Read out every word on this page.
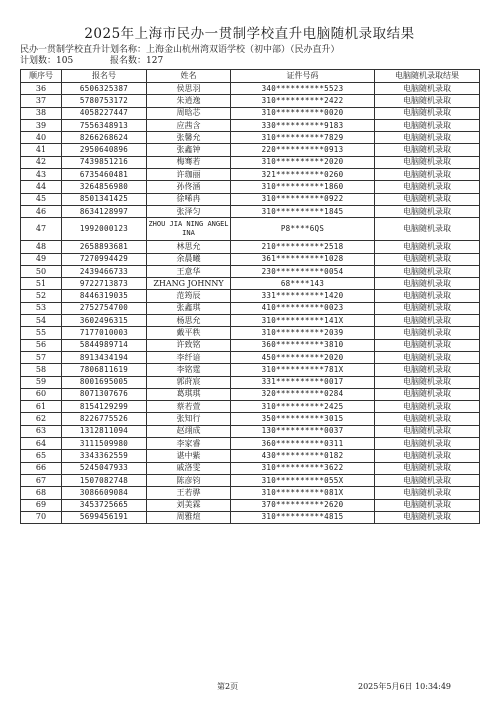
2025年上海市民办一贯制学校直升电脑随机录取结果
民办一贯制学校直升计划名称：上海金山杭州湾双语学校（初中部）（民办直升）
计划数：105	报名数：127
顺序号	报名号	姓名	证件号码	电脑随机录取结果
36	6506325387	侯思羽	340**********5523	电脑随机录取
37	5780753172	朱逍逸	310**********2422	电脑随机录取
38	4058227447	周晗芯	310**********0020	电脑随机录取
39	7556348913	应茜含	330**********9183	电脑随机录取
40	8266268624	张馨允	310**********7829	电脑随机录取
41	2950640896	张鑫钟	220**********0913	电脑随机录取
42	7439851216	梅骞若	310**********2020	电脑随机录取
43	6735460481	许珈丽	321**********0260	电脑随机录取
44	3264856980	孙佟涵	310**********1860	电脑随机录取
45	8501341425	徐唏冉	310**********0922	电脑随机录取
46	8634128997	张泽匀	310**********1845	电脑随机录取
47	1992000123	ZHOU JIA NING ANGELINA	P8****6QS	电脑随机录取
48	2658893681	林思允	210**********2518	电脑随机录取
49	7270994429	余晨曦	361**********1028	电脑随机录取
50	2439466733	王意华	230**********0054	电脑随机录取
51	9722713873	ZHANG JOHNNY	68****143	电脑随机录取
52	8446319035	范筠辰	331**********1420	电脑随机录取
53	2752754700	张鑫琪	410**********0023	电脑随机录取
54	3602496315	杨思允	310**********141X	电脑随机录取
55	7177010003	戴平秩	310**********2039	电脑随机录取
56	5844989714	许致铭	360**********3810	电脑随机录取
57	8913434194	李纤谙	450**********2020	电脑随机录取
58	7806811619	李铭霆	310**********781X	电脑随机录取
59	8001695005	郭莳宸	331**********0017	电脑随机录取
60	8071307676	葛琪琪	320**********0284	电脑随机录取
61	8154129299	蔡若萱	310**********2425	电脑随机录取
62	8226775526	张知行	350**********3015	电脑随机录取
63	1312811094	赵翊成	130**********0037	电脑随机录取
64	3111509980	李家睿	360**********0311	电脑随机录取
65	3343362559	谌中紫	430**********0182	电脑随机录取
66	5245047933	戚洛雯	310**********3622	电脑随机录取
67	1507082748	陈彦钧	310**********055X	电脑随机录取
68	3086609084	王若骅	310**********081X	电脑随机录取
69	3453725665	刘美霖	370**********2620	电脑随机录取
70	5699456191	周雅煊	310**********4815	电脑随机录取
第2页	2025年5月6日 10:34:49
